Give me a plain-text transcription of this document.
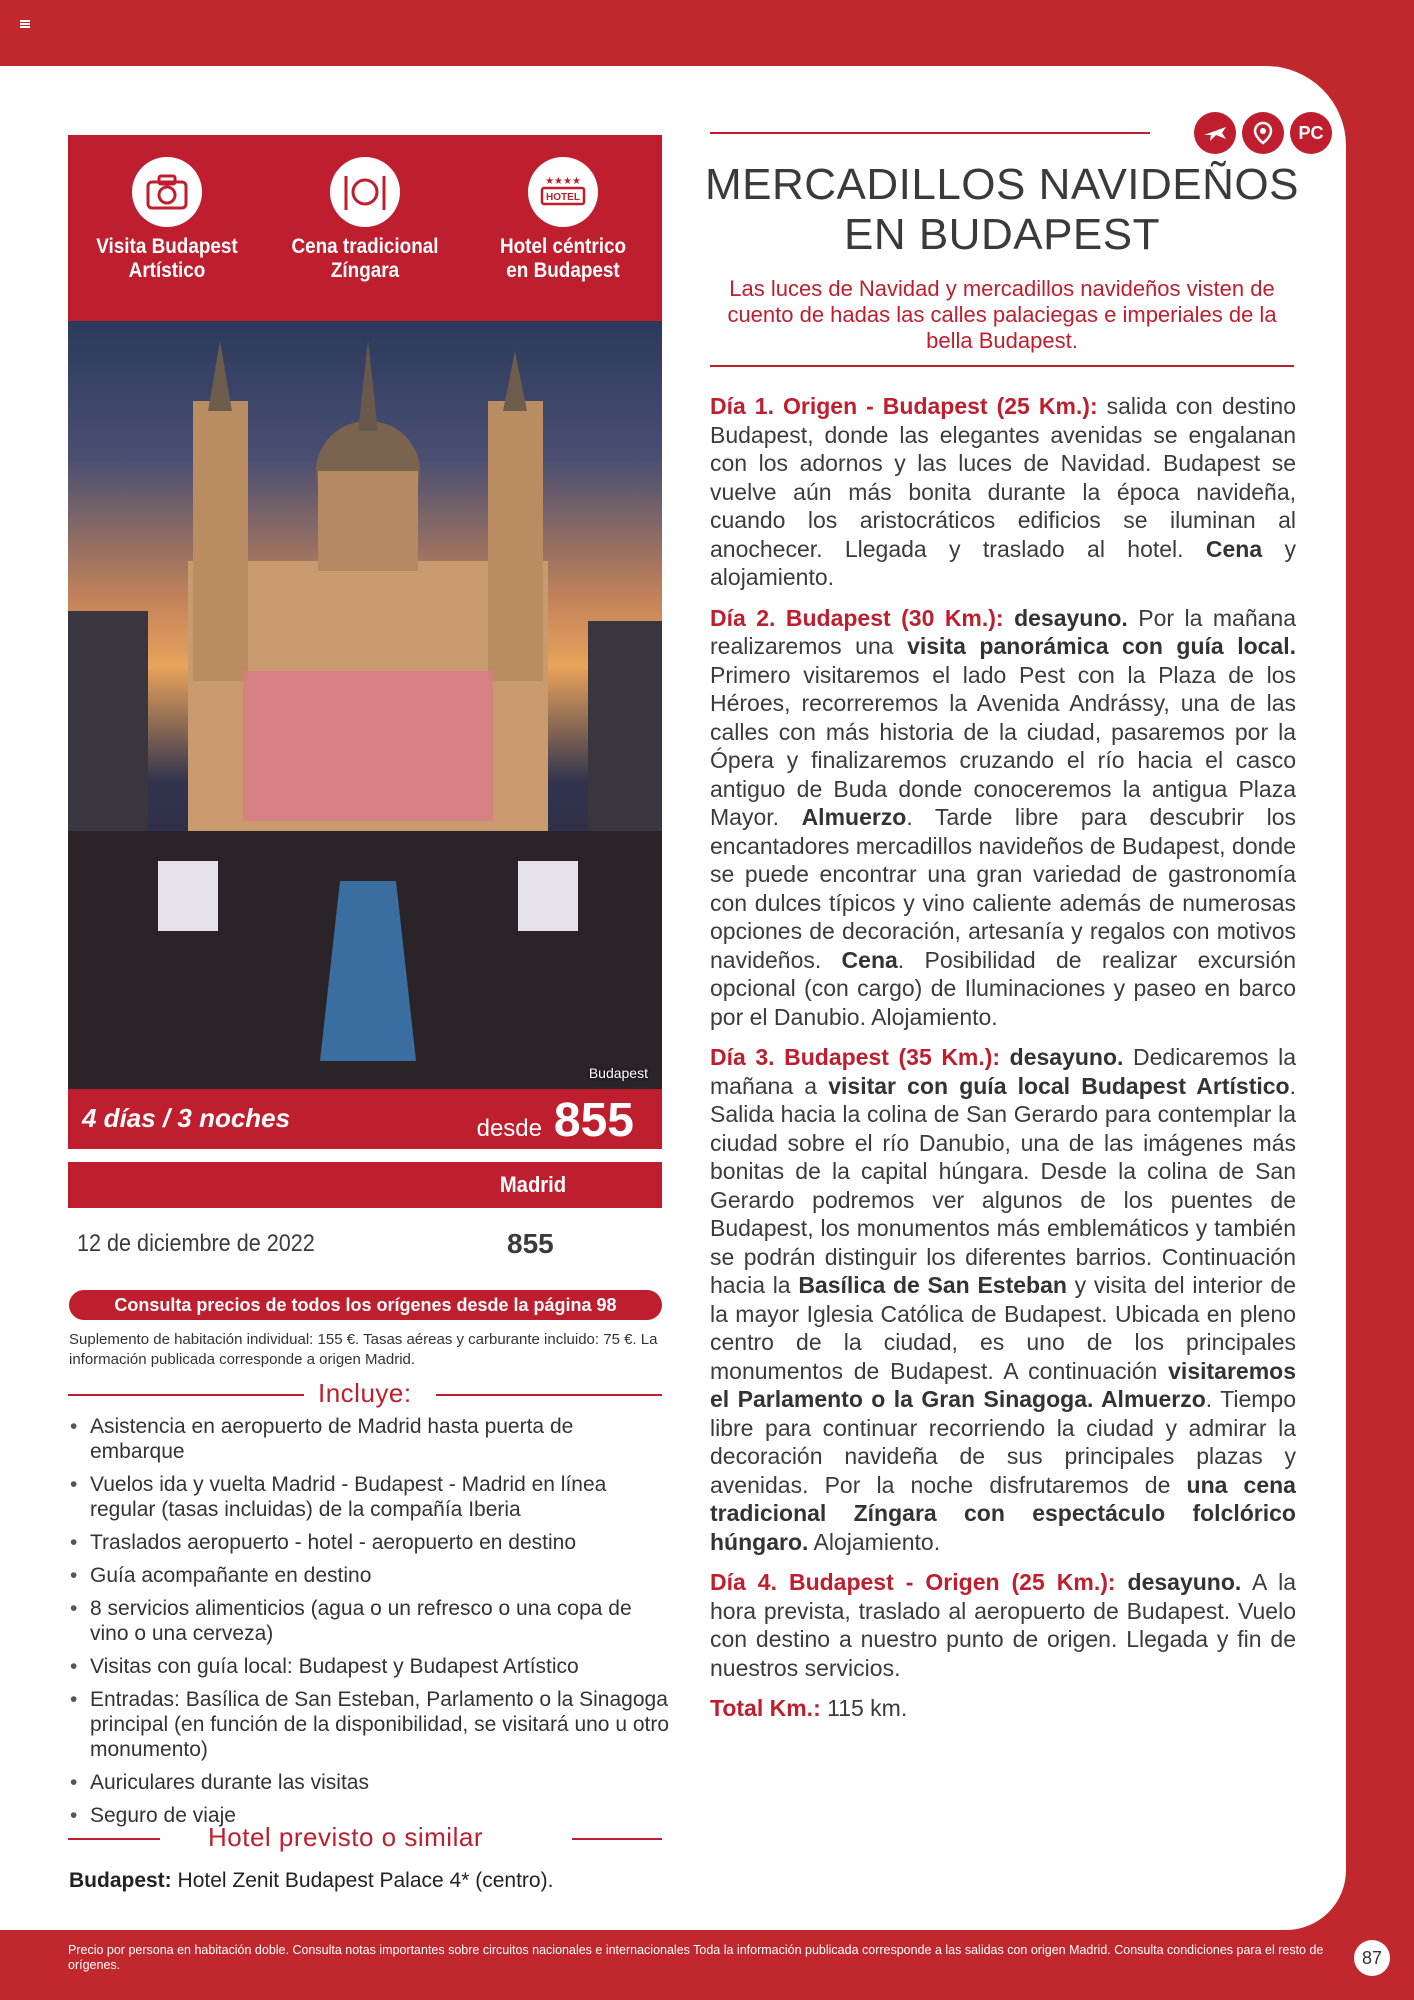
Visita Budapest
Artístico
Cena tradicional
Zíngara
★★★★
HOTEL
Hotel céntrico
en Budapest
Budapest
4 días / 3 noches	desde 855
Madrid
12 de diciembre de 2022	855
Consulta precios de todos los orígenes desde la página 98
Suplemento de habitación individual: 155 €. Tasas aéreas y carburante incluido: 75 €. La información publicada corresponde a origen Madrid.
Incluye:
• Asistencia en aeropuerto de Madrid hasta puerta de embarque
• Vuelos ida y vuelta Madrid - Budapest - Madrid en línea regular (tasas incluidas) de la compañía Iberia
• Traslados aeropuerto - hotel - aeropuerto en destino
• Guía acompañante en destino
• 8 servicios alimenticios (agua o un refresco o una copa de vino o una cerveza)
• Visitas con guía local: Budapest y Budapest Artístico
• Entradas: Basílica de San Esteban, Parlamento o la Sinagoga principal (en función de la disponibilidad, se visitará uno u otro monumento)
• Auriculares durante las visitas
• Seguro de viaje
Hotel previsto o similar
Budapest: Hotel Zenit Budapest Palace 4* (centro).
PC
MERCADILLOS NAVIDEÑOS
EN BUDAPEST
Las luces de Navidad y mercadillos navideños visten de cuento de hadas las calles palaciegas e imperiales de la bella Budapest.

Día 1. Origen - Budapest (25 Km.): salida con destino Budapest, donde las elegantes avenidas se engalanan con los adornos y las luces de Navidad. Budapest se vuelve aún más bonita durante la época navideña, cuando los aristocráticos edificios se iluminan al anochecer. Llegada y traslado al hotel. Cena y alojamiento.

Día 2. Budapest (30 Km.): desayuno. Por la mañana realizaremos una visita panorámica con guía local. Primero visitaremos el lado Pest con la Plaza de los Héroes, recorreremos la Avenida Andrássy, una de las calles con más historia de la ciudad, pasaremos por la Ópera y finalizaremos cruzando el río hacia el casco antiguo de Buda donde conoceremos la antigua Plaza Mayor. Almuerzo. Tarde libre para descubrir los encantadores mercadillos navideños de Budapest, donde se puede encontrar una gran variedad de gastronomía con dulces típicos y vino caliente además de numerosas opciones de decoración, artesanía y regalos con motivos navideños. Cena. Posibilidad de realizar excursión opcional (con cargo) de Iluminaciones y paseo en barco por el Danubio. Alojamiento.

Día 3. Budapest (35 Km.): desayuno. Dedicaremos la mañana a visitar con guía local Budapest Artístico. Salida hacia la colina de San Gerardo para contemplar la ciudad sobre el río Danubio, una de las imágenes más bonitas de la capital húngara. Desde la colina de San Gerardo podremos ver algunos de los puentes de Budapest, los monumentos más emblemáticos y también se podrán distinguir los diferentes barrios. Continuación hacia la Basílica de San Esteban y visita del interior de la mayor Iglesia Católica de Budapest. Ubicada en pleno centro de la ciudad, es uno de los principales monumentos de Budapest. A continuación visitaremos el Parlamento o la Gran Sinagoga. Almuerzo. Tiempo libre para continuar recorriendo la ciudad y admirar la decoración navideña de sus principales plazas y avenidas. Por la noche disfrutaremos de una cena tradicional Zíngara con espectáculo folclórico húngaro. Alojamiento.

Día 4. Budapest - Origen (25 Km.): desayuno. A la hora prevista, traslado al aeropuerto de Budapest. Vuelo con destino a nuestro punto de origen. Llegada y fin de nuestros servicios.

Total Km.: 115 km.

Precio por persona en habitación doble. Consulta notas importantes sobre circuitos nacionales e internacionales Toda la información publicada corresponde a las salidas con origen Madrid. Consulta condiciones para el resto de orígenes.	87
